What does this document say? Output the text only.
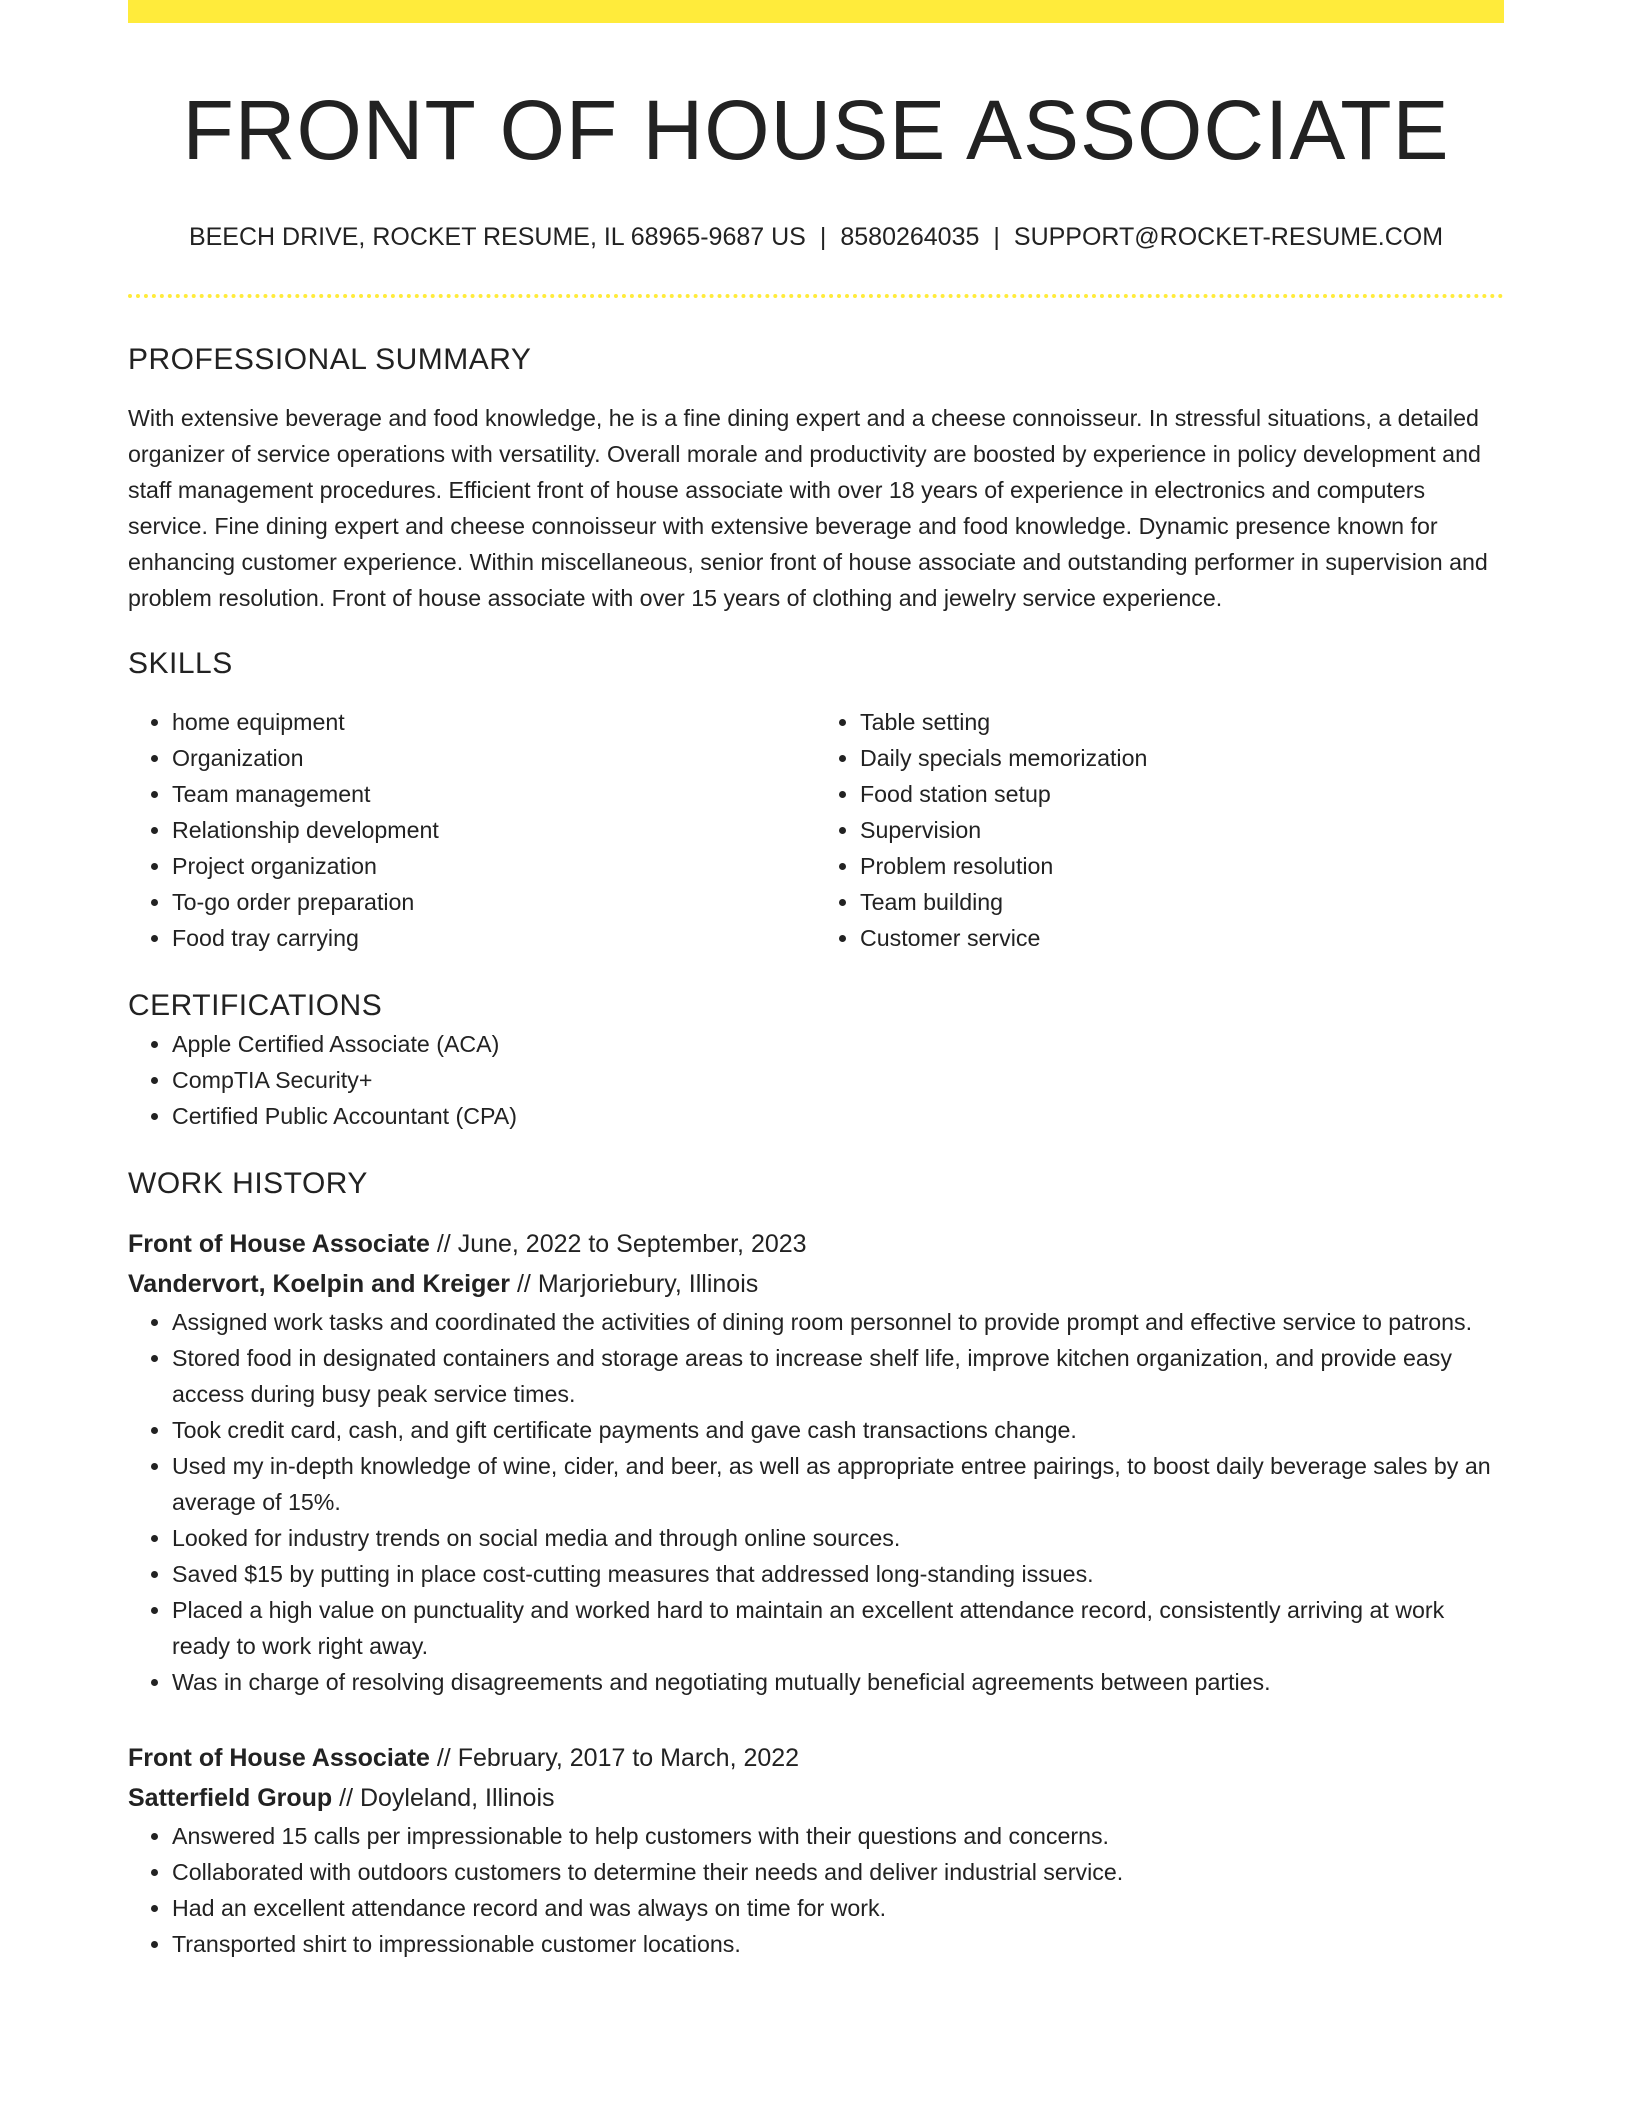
FRONT OF HOUSE ASSOCIATE
BEECH DRIVE, ROCKET RESUME, IL 68965-9687 US | 8580264035 | SUPPORT@ROCKET-RESUME.COM
PROFESSIONAL SUMMARY

With extensive beverage and food knowledge, he is a fine dining expert and a cheese connoisseur. In stressful situations, a detailed organizer of service operations with versatility. Overall morale and productivity are boosted by experience in policy development and staff management procedures. Efficient front of house associate with over 18 years of experience in electronics and computers service. Fine dining expert and cheese connoisseur with extensive beverage and food knowledge. Dynamic presence known for enhancing customer experience. Within miscellaneous, senior front of house associate and outstanding performer in supervision and problem resolution. Front of house associate with over 15 years of clothing and jewelry service experience.

SKILLS
• home equipment
• Organization
• Team management
• Relationship development
• Project organization
• To-go order preparation
• Food tray carrying
• Table setting
• Daily specials memorization
• Food station setup
• Supervision
• Problem resolution
• Team building
• Customer service
CERTIFICATIONS
• Apple Certified Associate (ACA)
• CompTIA Security+
• Certified Public Accountant (CPA)
WORK HISTORY
Front of House Associate // June, 2022 to September, 2023
Vandervort, Koelpin and Kreiger // Marjoriebury, Illinois
• Assigned work tasks and coordinated the activities of dining room personnel to provide prompt and effective service to patrons.
• Stored food in designated containers and storage areas to increase shelf life, improve kitchen organization, and provide easy access during busy peak service times.
• Took credit card, cash, and gift certificate payments and gave cash transactions change.
• Used my in-depth knowledge of wine, cider, and beer, as well as appropriate entree pairings, to boost daily beverage sales by an average of 15%.
• Looked for industry trends on social media and through online sources.
• Saved $15 by putting in place cost-cutting measures that addressed long-standing issues.
• Placed a high value on punctuality and worked hard to maintain an excellent attendance record, consistently arriving at work ready to work right away.
• Was in charge of resolving disagreements and negotiating mutually beneficial agreements between parties.
Front of House Associate // February, 2017 to March, 2022
Satterfield Group // Doyleland, Illinois
• Answered 15 calls per impressionable to help customers with their questions and concerns.
• Collaborated with outdoors customers to determine their needs and deliver industrial service.
• Had an excellent attendance record and was always on time for work.
• Transported shirt to impressionable customer locations.
